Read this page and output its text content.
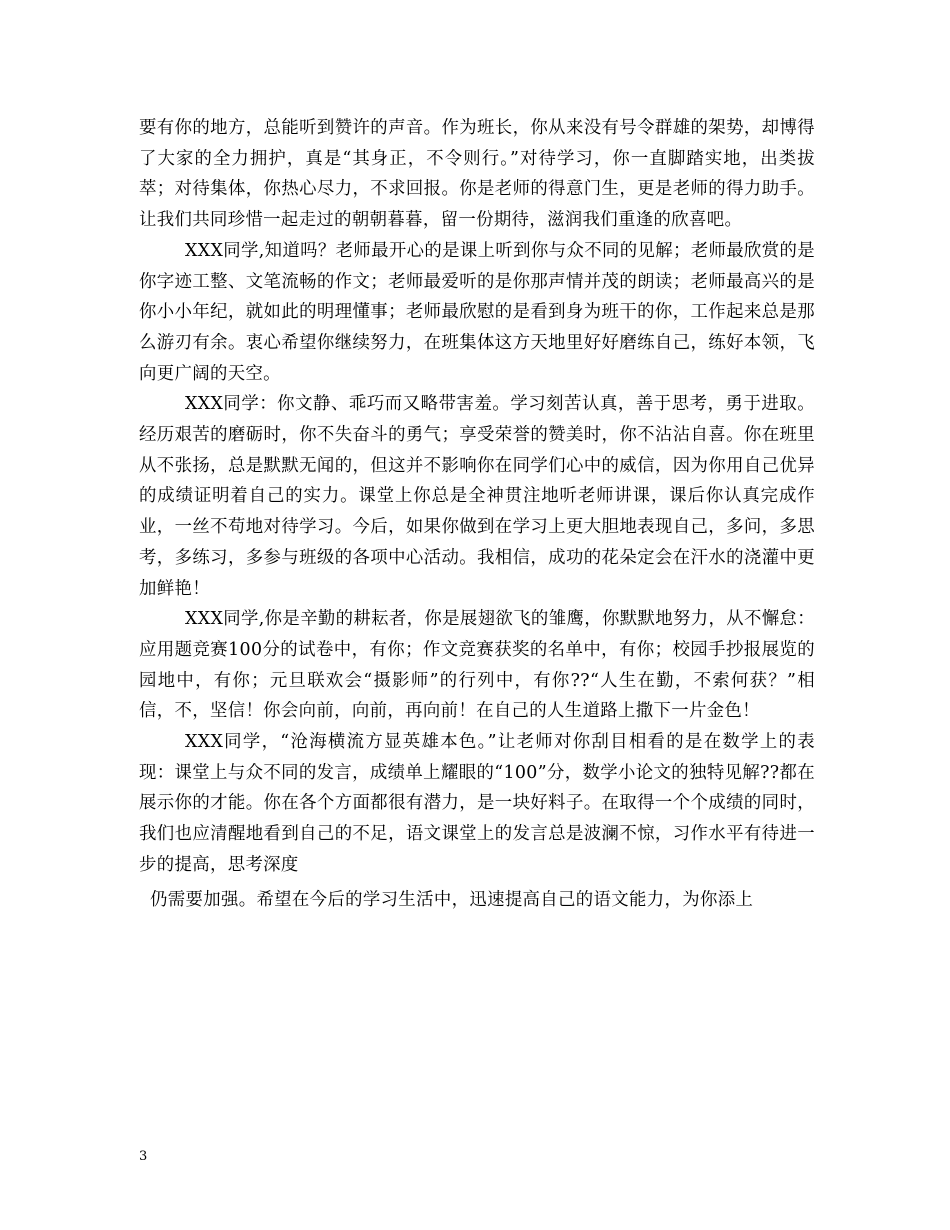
要有你的地方，总能听到赞许的声音。作为班长，你从来没有号令群雄的架势，却博得了大家的全力拥护，真是“其身正，不令则行。”对待学习，你一直脚踏实地，出类拔萃；对待集体，你热心尽力，不求回报。你是老师的得意门生，更是老师的得力助手。让我们共同珍惜一起走过的朝朝暮暮，留一份期待，滋润我们重逢的欣喜吧。

XXX同学,知道吗？老师最开心的是课上听到你与众不同的见解；老师最欣赏的是你字迹工整、文笔流畅的作文；老师最爱听的是你那声情并茂的朗读；老师最高兴的是你小小年纪，就如此的明理懂事；老师最欣慰的是看到身为班干的你，工作起来总是那么游刃有余。衷心希望你继续努力，在班集体这方天地里好好磨练自己，练好本领，飞向更广阔的天空。

XXX同学：你文静、乖巧而又略带害羞。学习刻苦认真，善于思考，勇于进取。经历艰苦的磨砺时，你不失奋斗的勇气；享受荣誉的赞美时，你不沾沾自喜。你在班里从不张扬，总是默默无闻的，但这并不影响你在同学们心中的威信，因为你用自己优异的成绩证明着自己的实力。课堂上你总是全神贯注地听老师讲课，课后你认真完成作业，一丝不苟地对待学习。今后，如果你做到在学习上更大胆地表现自己，多问，多思考，多练习，多参与班级的各项中心活动。我相信，成功的花朵定会在汗水的浇灌中更加鲜艳！

XXX同学,你是辛勤的耕耘者，你是展翅欲飞的雏鹰，你默默地努力，从不懈怠：应用题竞赛100分的试卷中，有你；作文竞赛获奖的名单中，有你；校园手抄报展览的园地中，有你；元旦联欢会“摄影师”的行列中，有你??“人生在勤，不索何获？”相信，不，坚信！你会向前，向前，再向前！在自己的人生道路上撒下一片金色！

XXX同学，“沧海横流方显英雄本色。”让老师对你刮目相看的是在数学上的表现：课堂上与众不同的发言，成绩单上耀眼的“100”分，数学小论文的独特见解??都在展示你的才能。你在各个方面都很有潜力，是一块好料子。在取得一个个成绩的同时，我们也应清醒地看到自己的不足，语文课堂上的发言总是波澜不惊，习作水平有待进一步的提高，思考深度

仍需要加强。希望在今后的学习生活中，迅速提高自己的语文能力，为你添上

3
